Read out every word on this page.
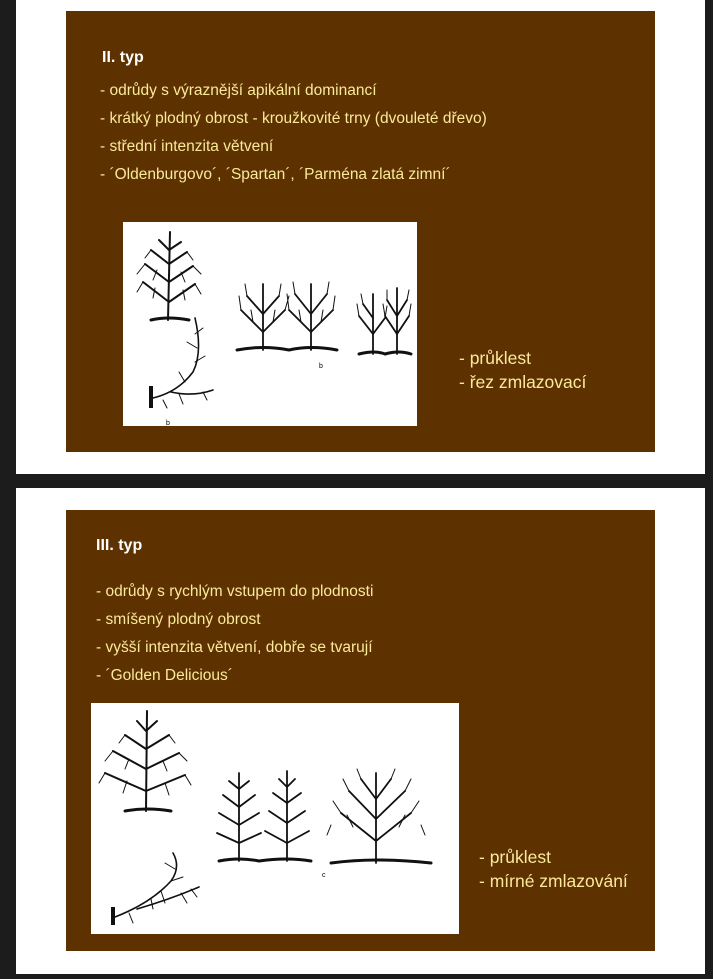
II. typ
- odrůdy s výraznější apikální dominancí
- krátký plodný obrost - kroužkovité trny (dvouleté dřevo)
- střední intenzita větvení
- ´Oldenburgovo´, ´Spartan´, ´Parména zlatá zimní´
b
b
- průklest
- řez zmlazovací
III. typ
- odrůdy s rychlým vstupem do plodnosti
- smíšený plodný obrost
- vyšší intenzita větvení, dobře se tvarují
- ´Golden Delicious´
c
- průklest
- mírné zmlazování
